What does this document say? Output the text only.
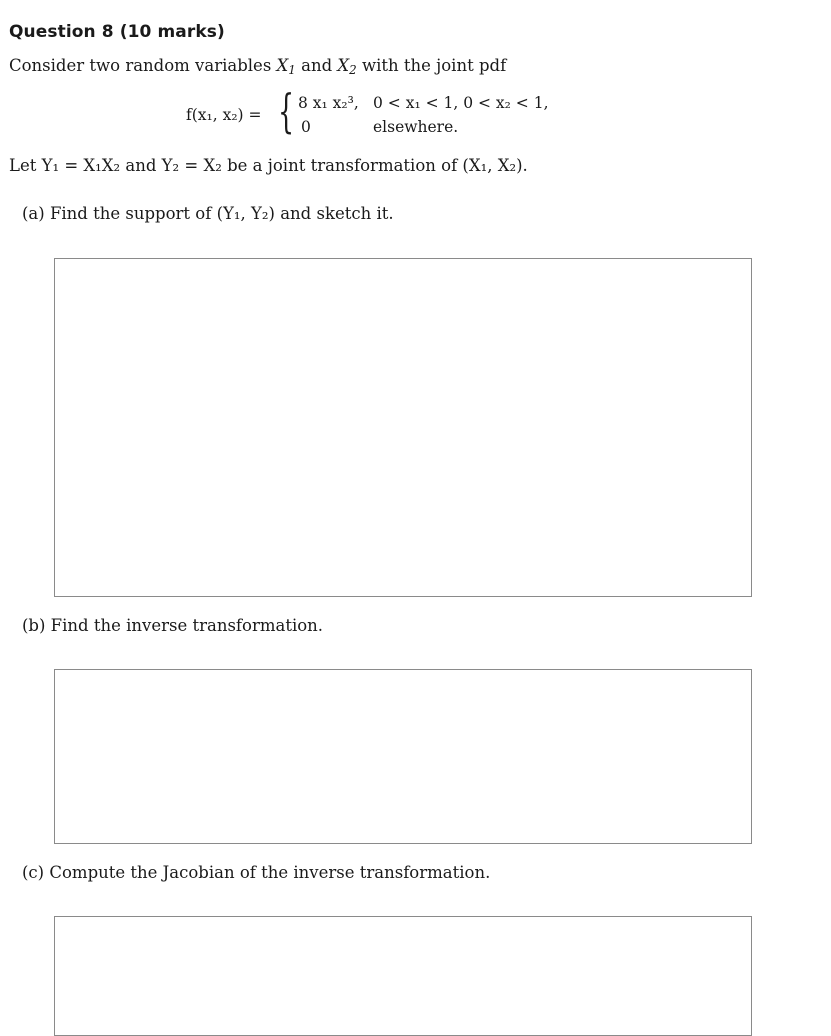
Question 8 (10 marks)
Consider two random variables $X_1$ and $X_2$ with the joint pdf
f(x₁, x₂) = { 8 x₁ x₂³, 0 < x₁ < 1, 0 < x₂ < 1,
0	elsewhere.
Let Y₁ = X₁X₂ and Y₂ = X₂ be a joint transformation of (X₁, X₂).
(a) Find the support of (Y₁, Y₂) and sketch it.
(b) Find the inverse transformation.
(c) Compute the Jacobian of the inverse transformation.
